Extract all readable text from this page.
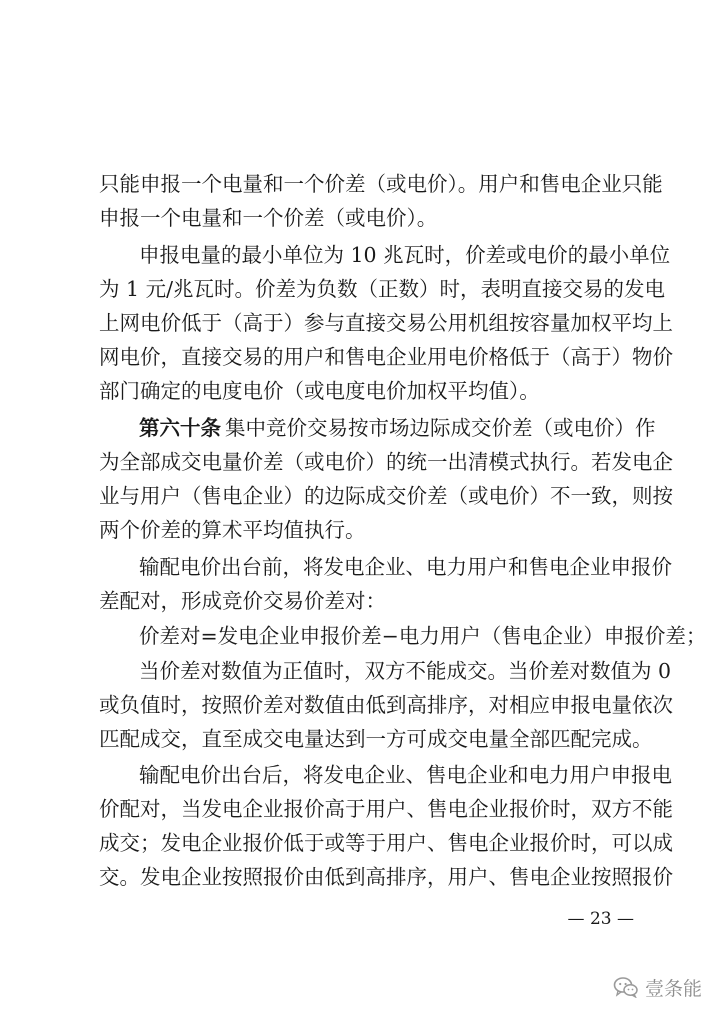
只能申报一个电量和一个价差（或电价）。用户和售电企业只能
申报一个电量和一个价差（或电价）。
申报电量的最小单位为 10 兆瓦时，价差或电价的最小单位
为 1 元/兆瓦时。价差为负数（正数）时，表明直接交易的发电
上网电价低于（高于）参与直接交易公用机组按容量加权平均上
网电价，直接交易的用户和售电企业用电价格低于（高于）物价
部门确定的电度电价（或电度电价加权平均值）。
第六十条 集中竞价交易按市场边际成交价差（或电价）作
为全部成交电量价差（或电价）的统一出清模式执行。若发电企
业与用户（售电企业）的边际成交价差（或电价）不一致，则按
两个价差的算术平均值执行。
输配电价出台前，将发电企业、电力用户和售电企业申报价
差配对，形成竞价交易价差对：
价差对=发电企业申报价差−电力用户（售电企业）申报价差；
当价差对数值为正值时，双方不能成交。当价差对数值为 0
或负值时，按照价差对数值由低到高排序，对相应申报电量依次
匹配成交，直至成交电量达到一方可成交电量全部匹配完成。
输配电价出台后，将发电企业、售电企业和电力用户申报电
价配对，当发电企业报价高于用户、售电企业报价时，双方不能
成交；发电企业报价低于或等于用户、售电企业报价时，可以成
交。发电企业按照报价由低到高排序，用户、售电企业按照报价
— 23 —
壹条能
